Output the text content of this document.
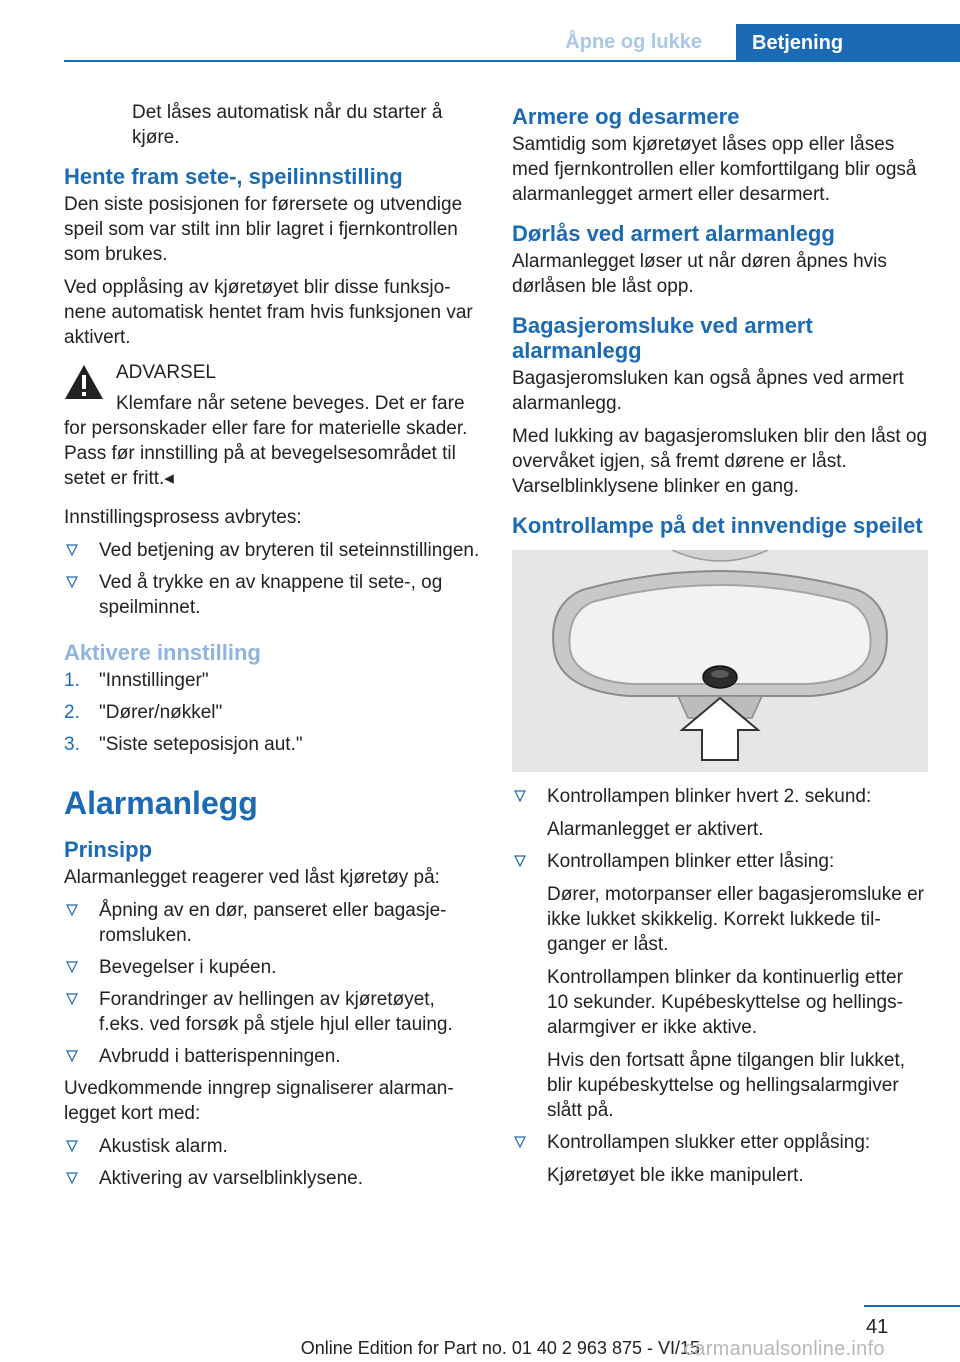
Åpne og lukke	Betjening

Det låses automatisk når du starter å kjøre.

Hente fram sete-, speilinnstilling

Den siste posisjonen for førersete og utvendige speil som var stilt inn blir lagret i fjernkontrollen som brukes.

Ved opplåsing av kjøretøyet blir disse funksjonene automatisk hentet fram hvis funksjonen var aktivert.

ADVARSEL
Klemfare når setene beveges. Det er fare for personskader eller fare for materielle skader. Pass før innstilling på at bevegelsesområdet til setet er fritt.◂

Innstillingsprosess avbrytes:

Ved betjening av bryteren til seteinnstillingen.
Ved å trykke en av knappene til sete-, og speilminnet.
Aktivere innstilling
1. "Innstillinger"
2. "Dører/nøkkel"
3. "Siste seteposisjon aut."
Alarmanlegg
Prinsipp

Alarmanlegget reagerer ved låst kjøretøy på:

Åpning av en dør, panseret eller bagasjeromsluken.
Bevegelser i kupéen.
Forandringer av hellingen av kjøretøyet, f.eks. ved forsøk på stjele hjul eller tauing.
Avbrudd i batterispenningen.

Uvedkommende inngrep signaliserer alarmanlegget kort med:

Akustisk alarm.
Aktivering av varselblinklysene.
Armere og desarmere

Samtidig som kjøretøyet låses opp eller låses med fjernkontrollen eller komforttilgang blir også alarmanlegget armert eller desarmert.

Dørlås ved armert alarmanlegg

Alarmanlegget løser ut når døren åpnes hvis dørlåsen ble låst opp.

Bagasjeromsluke ved armert alarmanlegg

Bagasjeromsluken kan også åpnes ved armert alarmanlegg.

Med lukking av bagasjeromsluken blir den låst og overvåket igjen, så fremt dørene er låst. Varselblinklysene blinker en gang.

Kontrollampe på det innvendige speilet
Kontrollampen blinker hvert 2. sekund:
Alarmanlegget er aktivert.
Kontrollampen blinker etter låsing:
Dører, motorpanser eller bagasjeromsluke er ikke lukket skikkelig. Korrekt lukkede tilganger er låst.
Kontrollampen blinker da kontinuerlig etter 10 sekunder. Kupébeskyttelse og hellingsalarmgiver er ikke aktive.
Hvis den fortsatt åpne tilgangen blir lukket, blir kupébeskyttelse og hellingsalarmgiver slått på.
Kontrollampen slukker etter opplåsing:
Kjøretøyet ble ikke manipulert.
41
Online Edition for Part no. 01 40 2 963 875 - VI/15
carmanualsonline.info
